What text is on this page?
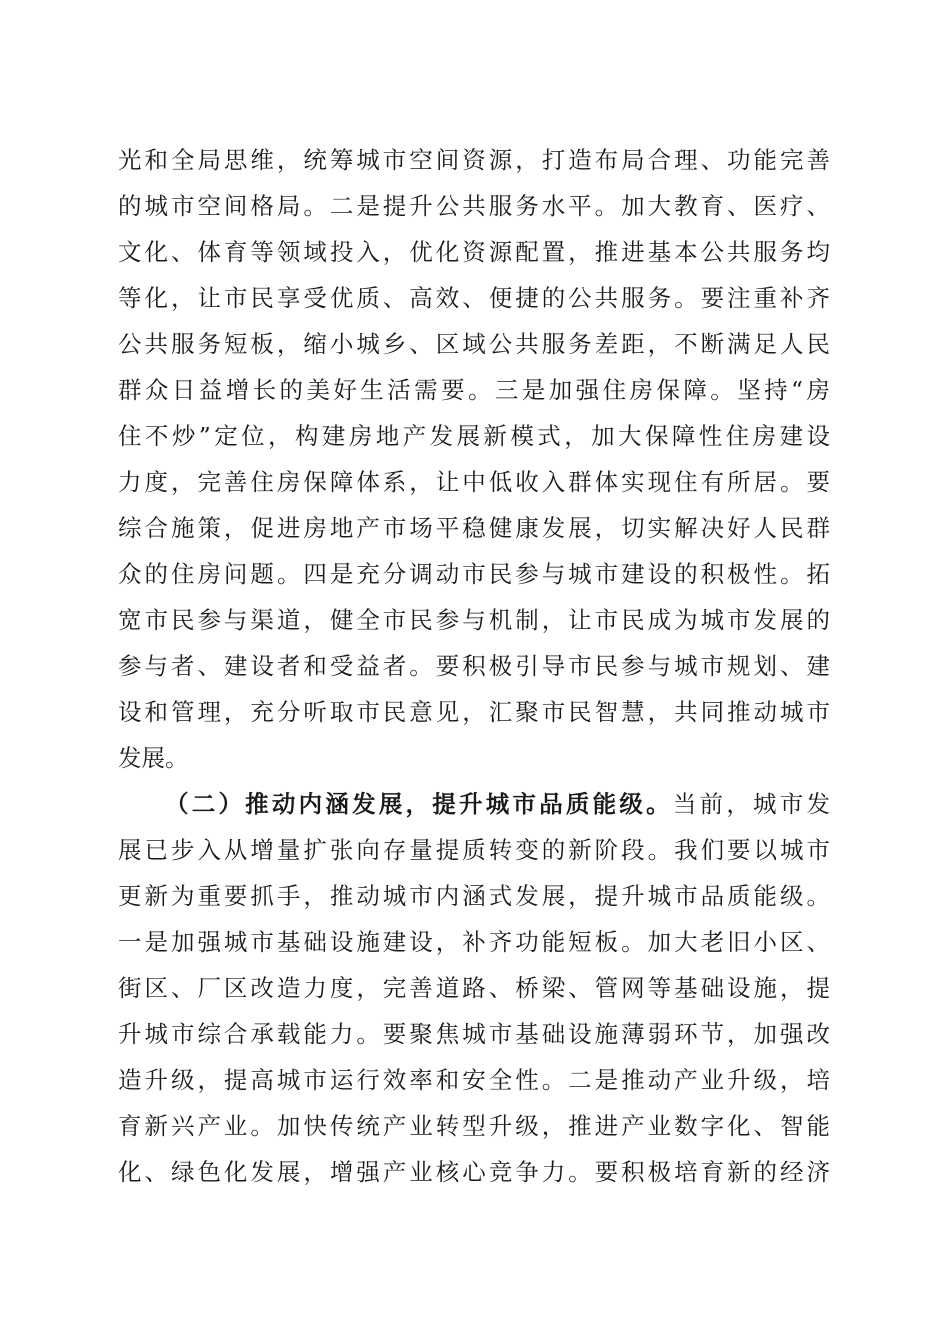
光和全局思维，统筹城市空间资源，打造布局合理、功能完善
的城市空间格局。二是提升公共服务水平。加大教育、医疗、
文化、体育等领域投入，优化资源配置，推进基本公共服务均
等化，让市民享受优质、高效、便捷的公共服务。要注重补齐
公共服务短板，缩小城乡、区域公共服务差距，不断满足人民
群众日益增长的美好生活需要。三是加强住房保障。坚持“房
住不炒”定位，构建房地产发展新模式，加大保障性住房建设
力度，完善住房保障体系，让中低收入群体实现住有所居。要
综合施策，促进房地产市场平稳健康发展，切实解决好人民群
众的住房问题。四是充分调动市民参与城市建设的积极性。拓
宽市民参与渠道，健全市民参与机制，让市民成为城市发展的
参与者、建设者和受益者。要积极引导市民参与城市规划、建
设和管理，充分听取市民意见，汇聚市民智慧，共同推动城市
发展。
（二）推动内涵发展，提升城市品质能级。当前，城市发
展已步入从增量扩张向存量提质转变的新阶段。我们要以城市
更新为重要抓手，推动城市内涵式发展，提升城市品质能级。
一是加强城市基础设施建设，补齐功能短板。加大老旧小区、
街区、厂区改造力度，完善道路、桥梁、管网等基础设施，提
升城市综合承载能力。要聚焦城市基础设施薄弱环节，加强改
造升级，提高城市运行效率和安全性。二是推动产业升级，培
育新兴产业。加快传统产业转型升级，推进产业数字化、智能
化、绿色化发展，增强产业核心竞争力。要积极培育新的经济
